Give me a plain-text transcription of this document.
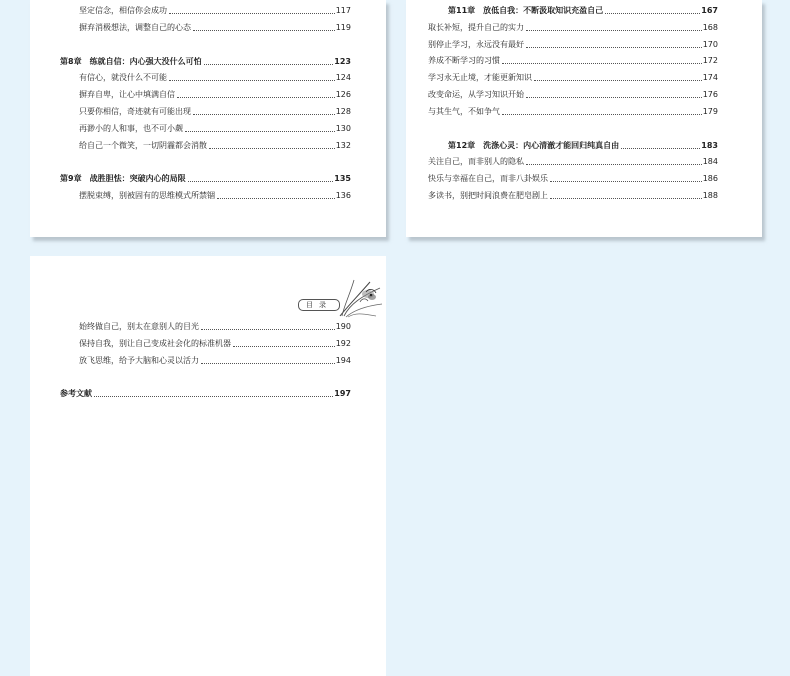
坚定信念，相信你会成功	117
摒弃消极想法，调整自己的心态	119
第8章　练就自信：内心强大没什么可怕	123
有信心，就没什么不可能	124
摒弃自卑，让心中填满自信	126
只要你相信，奇迹就有可能出现	128
再渺小的人和事，也不可小觑	130
给自己一个微笑，一切阴霾都会消散	132
第9章　战胜胆怯：突破内心的局限	135
摆脱束缚，别被固有的思维模式所禁锢	136
第11章　放低自我：不断汲取知识充盈自己	167
取长补短，提升自己的实力	168
别停止学习，永远没有最好	170
养成不断学习的习惯	172
学习永无止境，才能更新知识	174
改变命运，从学习知识开始	176
与其生气，不如争气	179
第12章　洗涤心灵：内心清澈才能回归纯真自由	183
关注自己，而非别人的隐私	184
快乐与幸福在自己，而非八卦娱乐	186
多读书，别把时间浪费在肥皂剧上	188
目录
始终做自己，别太在意别人的目光	190
保持自我，别让自己变成社会化的标准机器	192
放飞思维，给予大脑和心灵以活力	194
参考文献	197
